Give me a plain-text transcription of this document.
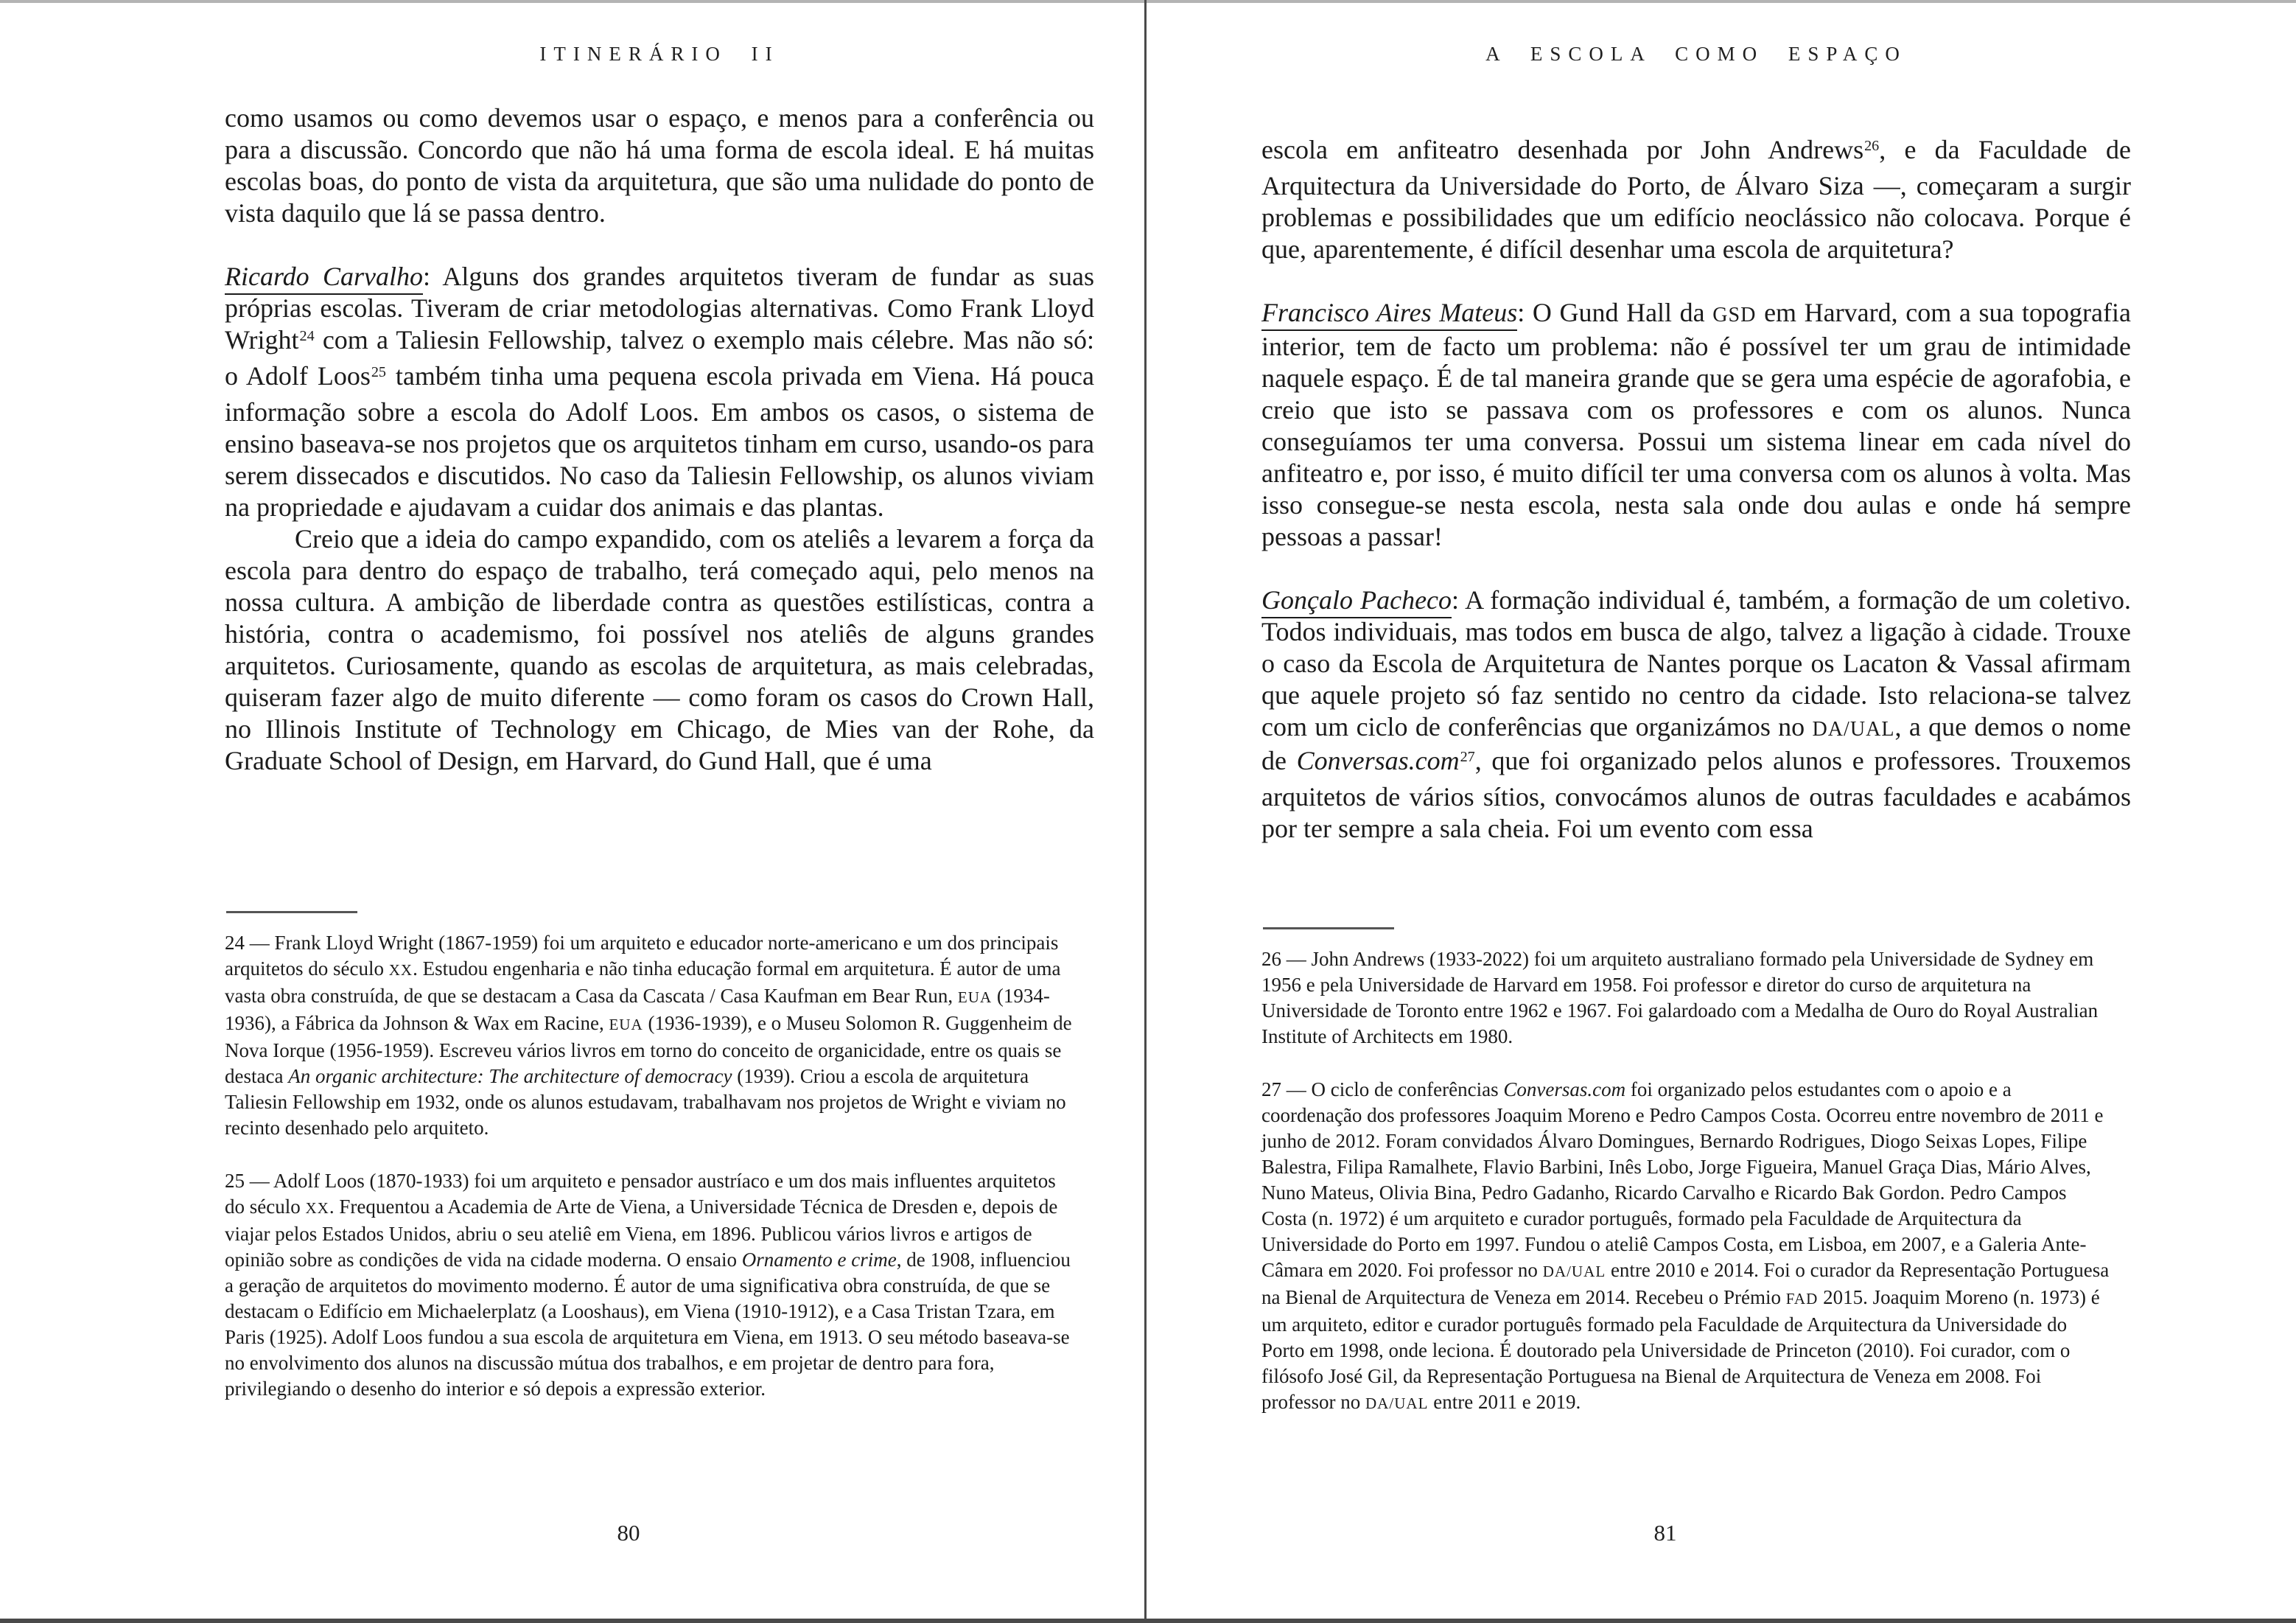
ITINERÁRIO II

como usamos ou como devemos usar o espaço, e menos para a conferência ou para a discussão. Concordo que não há uma forma de escola ideal. E há muitas escolas boas, do ponto de vista da arquitetura, que são uma nulidade do ponto de vista daquilo que lá se passa dentro.

Ricardo Carvalho: Alguns dos grandes arquitetos tiveram de fundar as suas próprias escolas. Tiveram de criar metodologias alternativas. Como Frank Lloyd Wright$^{24}$ com a Taliesin Fellowship, talvez o exemplo mais célebre. Mas não só: o Adolf Loos$^{25}$ também tinha uma pequena escola privada em Viena. Há pouca informação sobre a escola do Adolf Loos. Em ambos os casos, o sistema de ensino baseava-se nos projetos que os arquitetos tinham em curso, usando-os para serem dissecados e discutidos. No caso da Taliesin Fellowship, os alunos viviam na propriedade e ajudavam a cuidar dos animais e das plantas.

Creio que a ideia do campo expandido, com os ateliês a levarem a força da escola para dentro do espaço de trabalho, terá começado aqui, pelo menos na nossa cultura. A ambição de liberdade contra as questões estilísticas, contra a história, contra o academismo, foi possível nos ateliês de alguns grandes arquitetos. Curiosamente, quando as escolas de arquitetura, as mais celebradas, quiseram fazer algo de muito diferente — como foram os casos do Crown Hall, no Illinois Institute of Technology em Chicago, de Mies van der Rohe, da Graduate School of Design, em Harvard, do Gund Hall, que é uma

24 — Frank Lloyd Wright (1867-1959) foi um arquiteto e educador norte-americano e um dos principais arquitetos do século XX. Estudou engenharia e não tinha educação formal em arquitetura. É autor de uma vasta obra construída, de que se destacam a Casa da Cascata / Casa Kaufman em Bear Run, EUA (1934-1936), a Fábrica da Johnson & Wax em Racine, EUA (1936-1939), e o Museu Solomon R. Guggenheim de Nova Iorque (1956-1959). Escreveu vários livros em torno do conceito de organicidade, entre os quais se destaca An organic architecture: The architecture of democracy (1939). Criou a escola de arquitetura Taliesin Fellowship em 1932, onde os alunos estudavam, trabalhavam nos projetos de Wright e viviam no recinto desenhado pelo arquiteto.

25 — Adolf Loos (1870-1933) foi um arquiteto e pensador austríaco e um dos mais influentes arquitetos do século XX. Frequentou a Academia de Arte de Viena, a Universidade Técnica de Dresden e, depois de viajar pelos Estados Unidos, abriu o seu ateliê em Viena, em 1896. Publicou vários livros e artigos de opinião sobre as condições de vida na cidade moderna. O ensaio Ornamento e crime, de 1908, influenciou a geração de arquitetos do movimento moderno. É autor de uma significativa obra construída, de que se destacam o Edifício em Michaelerplatz (a Looshaus), em Viena (1910-1912), e a Casa Tristan Tzara, em Paris (1925). Adolf Loos fundou a sua escola de arquitetura em Viena, em 1913. O seu método baseava-se no envolvimento dos alunos na discussão mútua dos trabalhos, e em projetar de dentro para fora, privilegiando o desenho do interior e só depois a expressão exterior.

80
A ESCOLA COMO ESPAÇO

escola em anfiteatro desenhada por John Andrews$^{26}$, e da Faculdade de Arquitectura da Universidade do Porto, de Álvaro Siza —, começaram a surgir problemas e possibilidades que um edifício neoclássico não colocava. Porque é que, aparentemente, é difícil desenhar uma escola de arquitetura?

Francisco Aires Mateus: O Gund Hall da GSD em Harvard, com a sua topografia interior, tem de facto um problema: não é possível ter um grau de intimidade naquele espaço. É de tal maneira grande que se gera uma espécie de agorafobia, e creio que isto se passava com os professores e com os alunos. Nunca conseguíamos ter uma conversa. Possui um sistema linear em cada nível do anfiteatro e, por isso, é muito difícil ter uma conversa com os alunos à volta. Mas isso consegue-se nesta escola, nesta sala onde dou aulas e onde há sempre pessoas a passar!

Gonçalo Pacheco: A formação individual é, também, a formação de um coletivo. Todos individuais, mas todos em busca de algo, talvez a ligação à cidade. Trouxe o caso da Escola de Arquitetura de Nantes porque os Lacaton & Vassal afirmam que aquele projeto só faz sentido no centro da cidade. Isto relaciona-se talvez com um ciclo de conferências que organizámos no DA/UAL, a que demos o nome de Conversas.com$^{27}$, que foi organizado pelos alunos e professores. Trouxemos arquitetos de vários sítios, convocámos alunos de outras faculdades e acabámos por ter sempre a sala cheia. Foi um evento com essa

26 — John Andrews (1933-2022) foi um arquiteto australiano formado pela Universidade de Sydney em 1956 e pela Universidade de Harvard em 1958. Foi professor e diretor do curso de arquitetura na Universidade de Toronto entre 1962 e 1967. Foi galardoado com a Medalha de Ouro do Royal Australian Institute of Architects em 1980.

27 — O ciclo de conferências Conversas.com foi organizado pelos estudantes com o apoio e a coordenação dos professores Joaquim Moreno e Pedro Campos Costa. Ocorreu entre novembro de 2011 e junho de 2012. Foram convidados Álvaro Domingues, Bernardo Rodrigues, Diogo Seixas Lopes, Filipe Balestra, Filipa Ramalhete, Flavio Barbini, Inês Lobo, Jorge Figueira, Manuel Graça Dias, Mário Alves, Nuno Mateus, Olivia Bina, Pedro Gadanho, Ricardo Carvalho e Ricardo Bak Gordon. Pedro Campos Costa (n. 1972) é um arquiteto e curador português, formado pela Faculdade de Arquitectura da Universidade do Porto em 1997. Fundou o ateliê Campos Costa, em Lisboa, em 2007, e a Galeria Ante-Câmara em 2020. Foi professor no DA/UAL entre 2010 e 2014. Foi o curador da Representação Portuguesa na Bienal de Arquitectura de Veneza em 2014. Recebeu o Prémio FAD 2015. Joaquim Moreno (n. 1973) é um arquiteto, editor e curador português formado pela Faculdade de Arquitectura da Universidade do Porto em 1998, onde leciona. É doutorado pela Universidade de Princeton (2010). Foi curador, com o filósofo José Gil, da Representação Portuguesa na Bienal de Arquitectura de Veneza em 2008. Foi professor no DA/UAL entre 2011 e 2019.

81
